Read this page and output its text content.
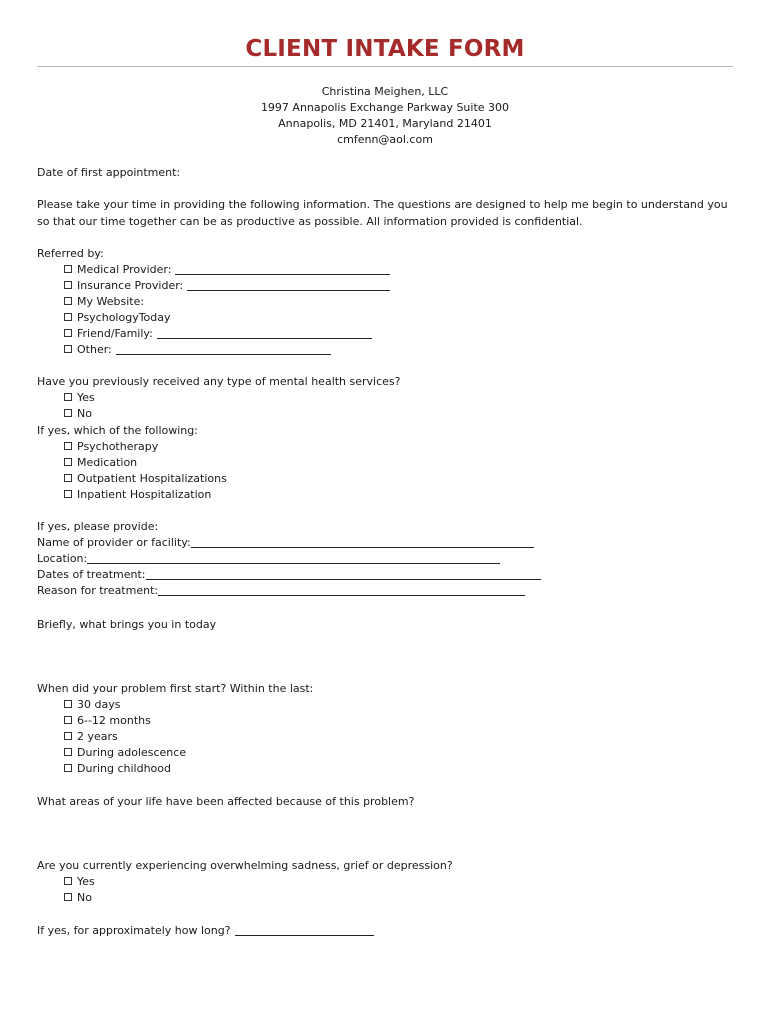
CLIENT INTAKE FORM
Christina Meighen, LLC
1997 Annapolis Exchange Parkway Suite 300
Annapolis, MD 21401, Maryland 21401
cmfenn@aol.com
Date of first appointment:
Please take your time in providing the following information. The questions are designed to help me begin to understand you so that our time together can be as productive as possible. All information provided is confidential.
Referred by:
Medical Provider:
Insurance Provider:
My Website:
PsychologyToday
Friend/Family:
Other:
Have you previously received any type of mental health services?
Yes
No
If yes, which of the following:
Psychotherapy
Medication
Outpatient Hospitalizations
Inpatient Hospitalization
If yes, please provide:
Name of provider or facility:
Location:
Dates of treatment:
Reason for treatment:
Briefly, what brings you in today
When did your problem first start? Within the last:
30 days
6--12 months
2 years
During adolescence
During childhood
What areas of your life have been affected because of this problem?
Are you currently experiencing overwhelming sadness, grief or depression?
Yes
No
If yes, for approximately how long?
